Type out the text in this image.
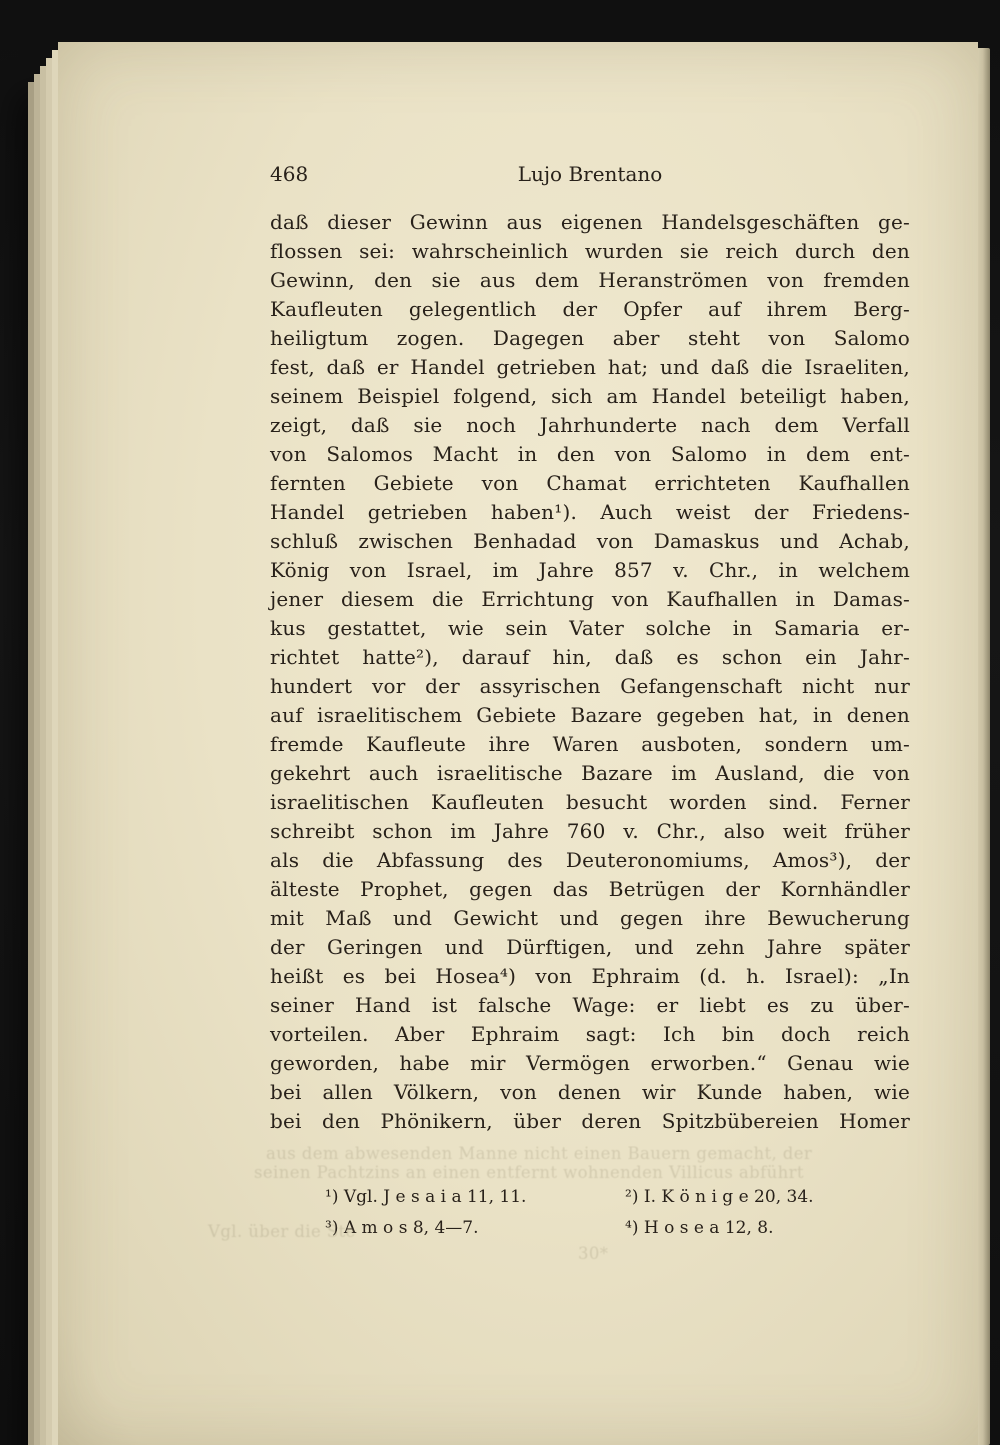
468	Lujo Brentano
daß dieser Gewinn aus eigenen Handelsgeschäften ge-
flossen sei: wahrscheinlich wurden sie reich durch den
Gewinn, den sie aus dem Heranströmen von fremden
Kaufleuten gelegentlich der Opfer auf ihrem Berg-
heiligtum zogen. Dagegen aber steht von Salomo
fest, daß er Handel getrieben hat; und daß die Israeliten,
seinem Beispiel folgend, sich am Handel beteiligt haben,
zeigt, daß sie noch Jahrhunderte nach dem Verfall
von Salomos Macht in den von Salomo in dem ent-
fernten Gebiete von Chamat errichteten Kaufhallen
Handel getrieben haben¹). Auch weist der Friedens-
schluß zwischen Benhadad von Damaskus und Achab,
König von Israel, im Jahre 857 v. Chr., in welchem
jener diesem die Errichtung von Kaufhallen in Damas-
kus gestattet, wie sein Vater solche in Samaria er-
richtet hatte²), darauf hin, daß es schon ein Jahr-
hundert vor der assyrischen Gefangenschaft nicht nur
auf israelitischem Gebiete Bazare gegeben hat, in denen
fremde Kaufleute ihre Waren ausboten, sondern um-
gekehrt auch israelitische Bazare im Ausland, die von
israelitischen Kaufleuten besucht worden sind. Ferner
schreibt schon im Jahre 760 v. Chr., also weit früher
als die Abfassung des Deuteronomiums, Amos³), der
älteste Prophet, gegen das Betrügen der Kornhändler
mit Maß und Gewicht und gegen ihre Bewucherung
der Geringen und Dürftigen, und zehn Jahre später
heißt es bei Hosea⁴) von Ephraim (d. h. Israel): „In
seiner Hand ist falsche Wage: er liebt es zu über-
vorteilen. Aber Ephraim sagt: Ich bin doch reich
geworden, habe mir Vermögen erworben.“ Genau wie
bei allen Völkern, von denen wir Kunde haben, wie
bei den Phönikern, über deren Spitzbübereien Homer
¹) Vgl. J e s a i a 11, 11.	²) I. K ö n i g e 20, 34.
³) A m o s 8, 4—7.	⁴) H o s e a 12, 8.
aus dem abwesenden Manne nicht einen Bauern gemacht, der
seinen Pachtzins an einen entfernt wohnenden Villicus abführt
Vgl. über die Ste
30*
